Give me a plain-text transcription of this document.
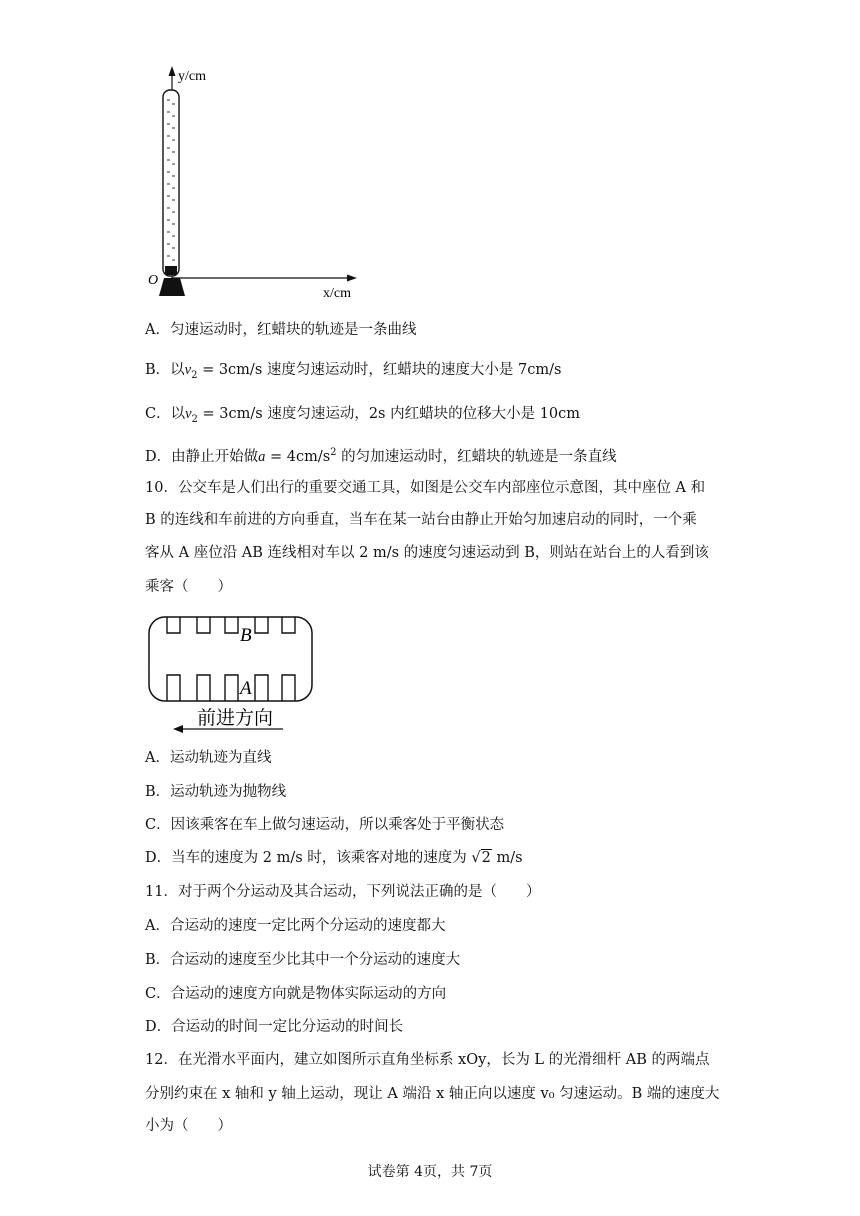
y/cm
x/cm
O
A．匀速运动时，红蜡块的轨迹是一条曲线
B．以$v_2 = 3cm/s$ 速度匀速运动时，红蜡块的速度大小是 7cm/s
C．以$v_2 = 3cm/s$ 速度匀速运动，2s 内红蜡块的位移大小是 10cm
D．由静止开始做$a = 4cm/s^2$ 的匀加速运动时，红蜡块的轨迹是一条直线
10．公交车是人们出行的重要交通工具，如图是公交车内部座位示意图，其中座位 A 和
B 的连线和车前进的方向垂直，当车在某一站台由静止开始匀加速启动的同时，一个乘
客从 A 座位沿 AB 连线相对车以 2 m/s 的速度匀速运动到 B，则站在站台上的人看到该
乘客（　　）
B
A
前进方向
A．运动轨迹为直线
B．运动轨迹为抛物线
C．因该乘客在车上做匀速运动，所以乘客处于平衡状态
D．当车的速度为 2 m/s 时，该乘客对地的速度为 √2 m/s
11．对于两个分运动及其合运动，下列说法正确的是（　　）
A．合运动的速度一定比两个分运动的速度都大
B．合运动的速度至少比其中一个分运动的速度大
C．合运动的速度方向就是物体实际运动的方向
D．合运动的时间一定比分运动的时间长
12．在光滑水平面内，建立如图所示直角坐标系 xOy，长为 L 的光滑细杆 AB 的两端点
分别约束在 x 轴和 y 轴上运动，现让 A 端沿 x 轴正向以速度 v₀ 匀速运动。B 端的速度大
小为（　　）
试卷第 4页，共 7页
